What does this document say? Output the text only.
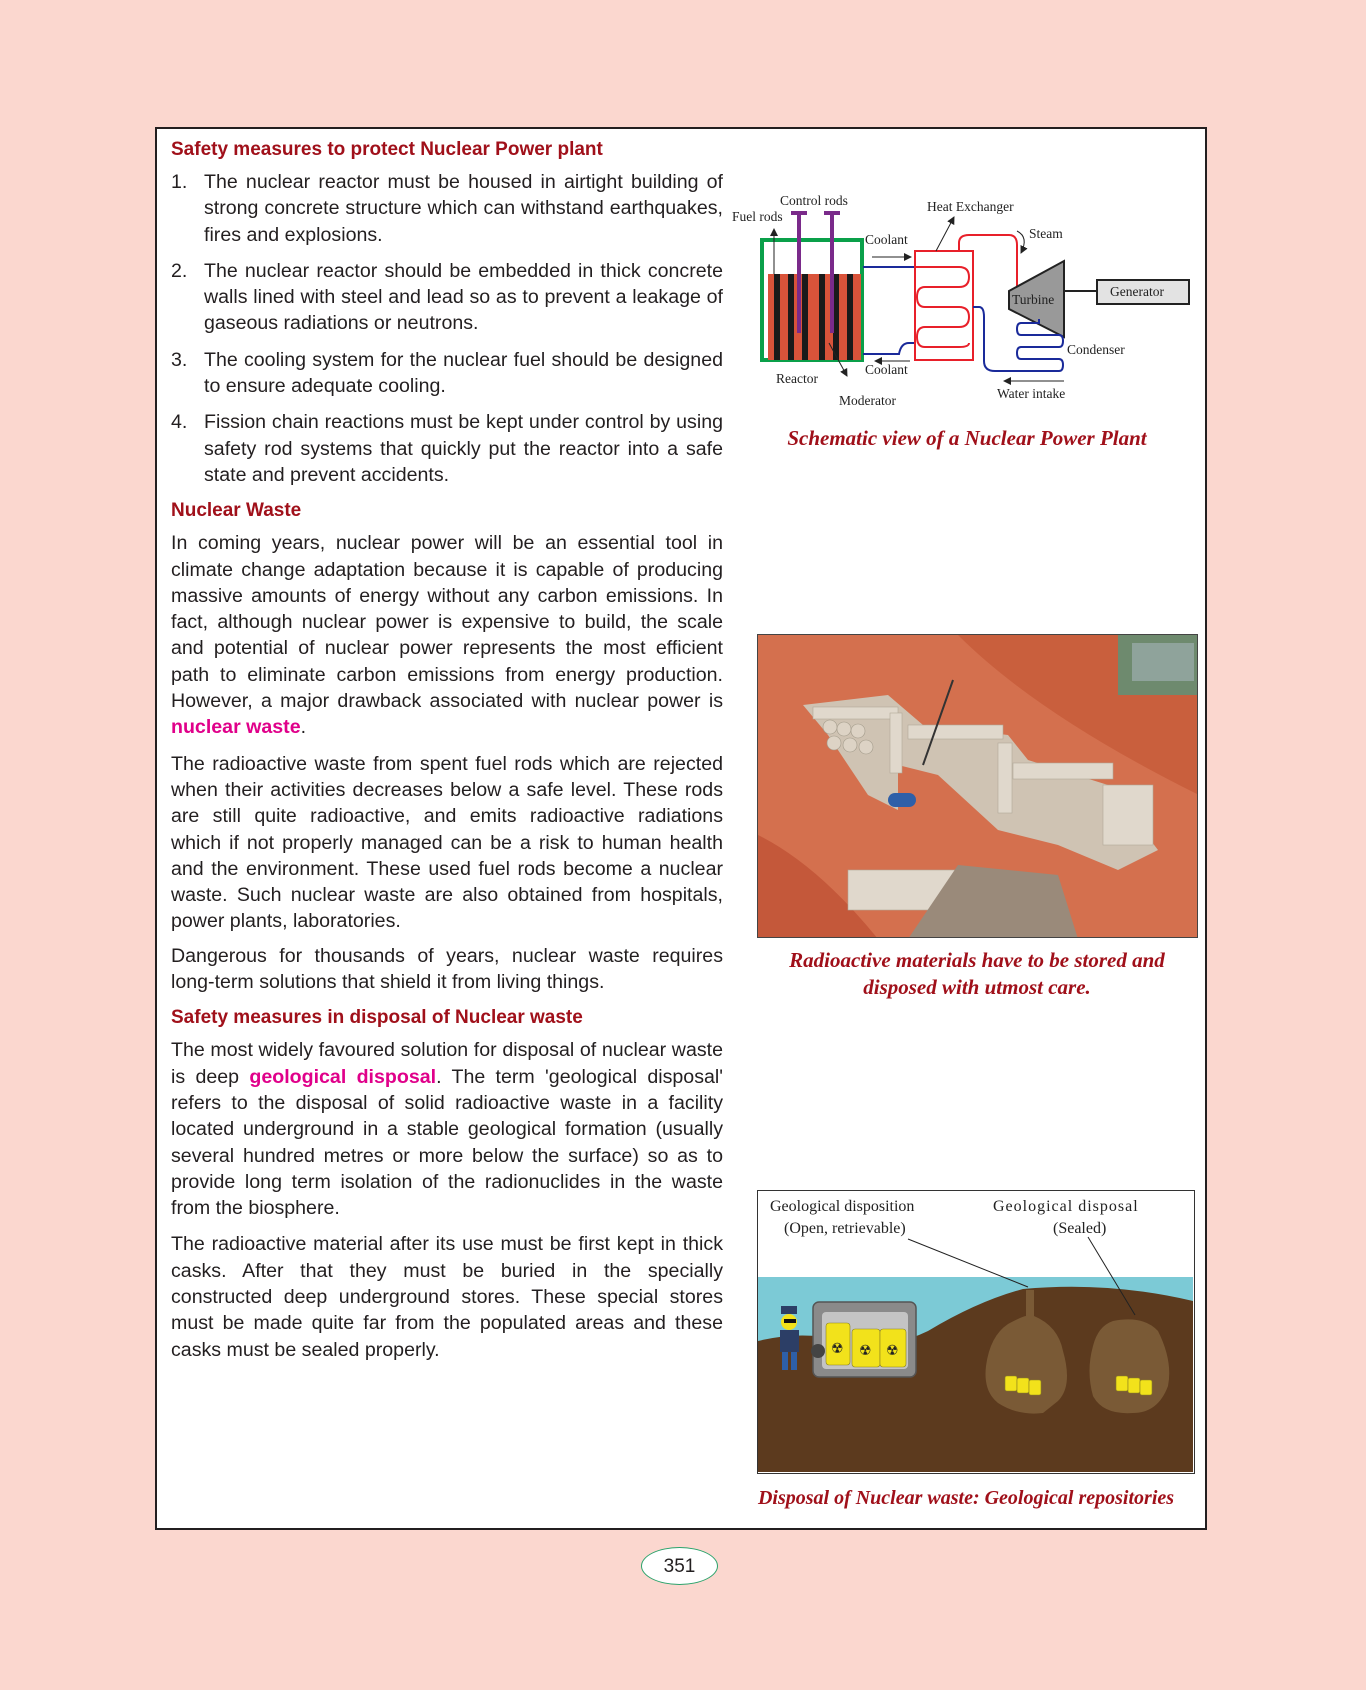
Safety measures to protect Nuclear Power plant
1. The nuclear reactor must be housed in airtight building of strong concrete structure which can withstand earthquakes, fires and explosions.
2. The nuclear reactor should be embedded in thick concrete walls lined with steel and lead so as to prevent a leakage of gaseous radiations or neutrons.
3. The cooling system for the nuclear fuel should be designed to ensure adequate cooling.
4. Fission chain reactions must be kept under control by using safety rod systems that quickly put the reactor into a safe state and prevent accidents.
Nuclear Waste

In coming years, nuclear power will be an essential tool in climate change adaptation because it is capable of producing massive amounts of energy without any carbon emissions. In fact, although nuclear power is expensive to build, the scale and potential of nuclear power represents the most efficient path to eliminate carbon emissions from energy production. However, a major drawback associated with nuclear power is nuclear waste.

The radioactive waste from spent fuel rods which are rejected when their activities decreases below a safe level. These rods are still quite radioactive, and emits radioactive radiations which if not properly managed can be a risk to human health and the environment. These used fuel rods become a nuclear waste. Such nuclear waste are also obtained from hospitals, power plants, laboratories.

Dangerous for thousands of years, nuclear waste requires long-term solutions that shield it from living things.

Safety measures in disposal of Nuclear waste

The most widely favoured solution for disposal of nuclear waste is deep geological disposal. The term 'geological disposal' refers to the disposal of solid radioactive waste in a facility located underground in a stable geological formation (usually several hundred metres or more below the surface) so as to provide long term isolation of the radionuclides in the waste from the biosphere.

The radioactive material after its use must be first kept in thick casks. After that they must be buried in the specially constructed deep underground stores. These special stores must be made quite far from the populated areas and these casks must be sealed properly.

Control rods
Fuel rods
Reactor
Moderator
Coolant
Coolant
Heat Exchanger
Steam
Turbine
Generator
Condenser
Water intake
Schematic view of a Nuclear Power Plant
Radioactive materials have to be stored and
disposed with utmost care.
☢ ☢ ☢
Geological disposition
(Open, retrievable)
Geological disposal
(Sealed)
Disposal of Nuclear waste: Geological repositories
351
